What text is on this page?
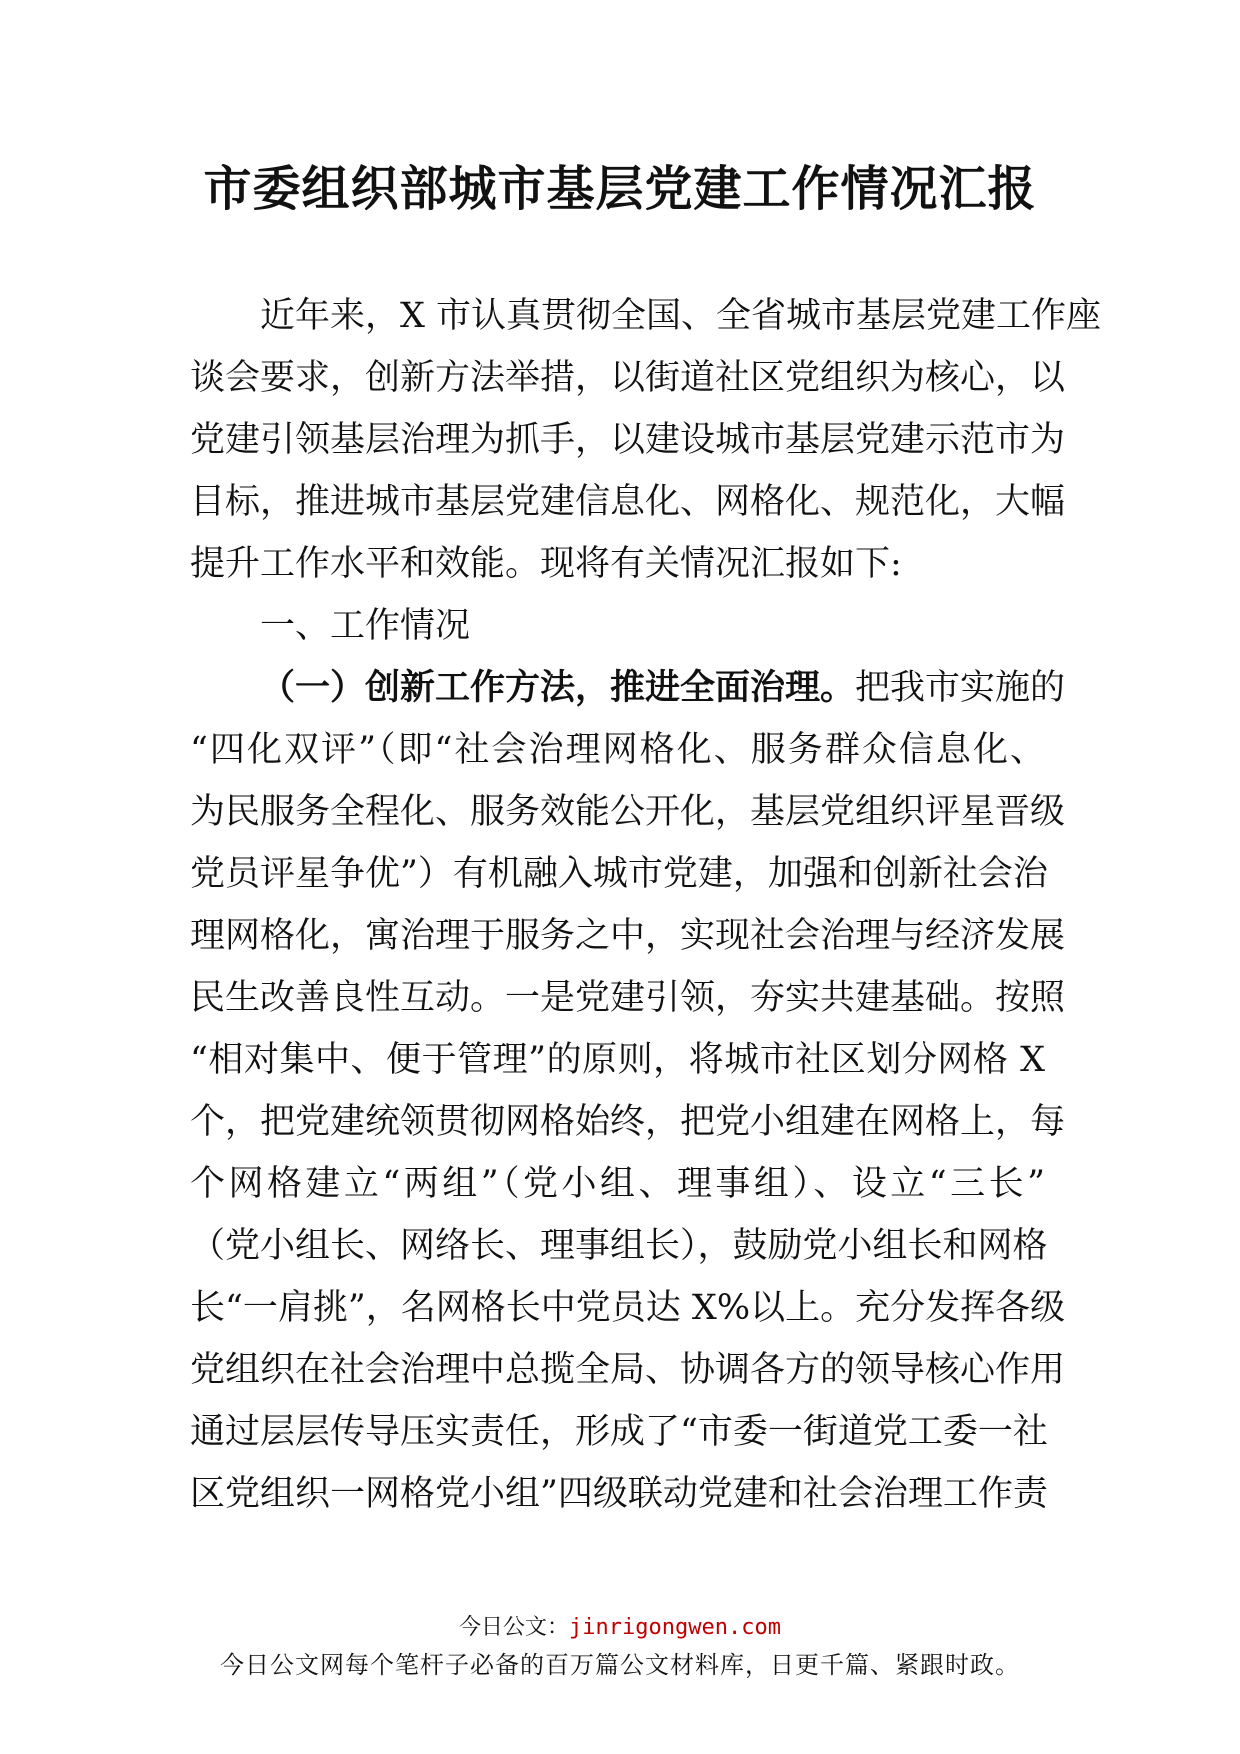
市委组织部城市基层党建工作情况汇报
近年来，X 市认真贯彻全国、全省城市基层党建工作座
谈会要求，创新方法举措，以街道社区党组织为核心，以
党建引领基层治理为抓手，以建设城市基层党建示范市为
目标，推进城市基层党建信息化、网格化、规范化，大幅
提升工作水平和效能。现将有关情况汇报如下:
一、工作情况
（一）创新工作方法，推进全面治理。把我市实施的
“四化双评”（即“社会治理网格化、服务群众信息化、
为民服务全程化、服务效能公开化，基层党组织评星晋级
党员评星争优”）有机融入城市党建，加强和创新社会治
理网格化，寓治理于服务之中，实现社会治理与经济发展
民生改善良性互动。一是党建引领，夯实共建基础。按照
“相对集中、便于管理”的原则，将城市社区划分网格 X
个，把党建统领贯彻网格始终，把党小组建在网格上，每
个网格建立“两组”（党小组、理事组）、设立“三长”
（党小组长、网络长、理事组长），鼓励党小组长和网格
长“一肩挑”，名网格长中党员达 X%以上。充分发挥各级
党组织在社会治理中总揽全局、协调各方的领导核心作用
通过层层传导压实责任，形成了“市委一街道党工委一社
区党组织一网格党小组”四级联动党建和社会治理工作责
今日公文：jinrigongwen.com
今日公文网每个笔杆子必备的百万篇公文材料库，日更千篇、紧跟时政。
